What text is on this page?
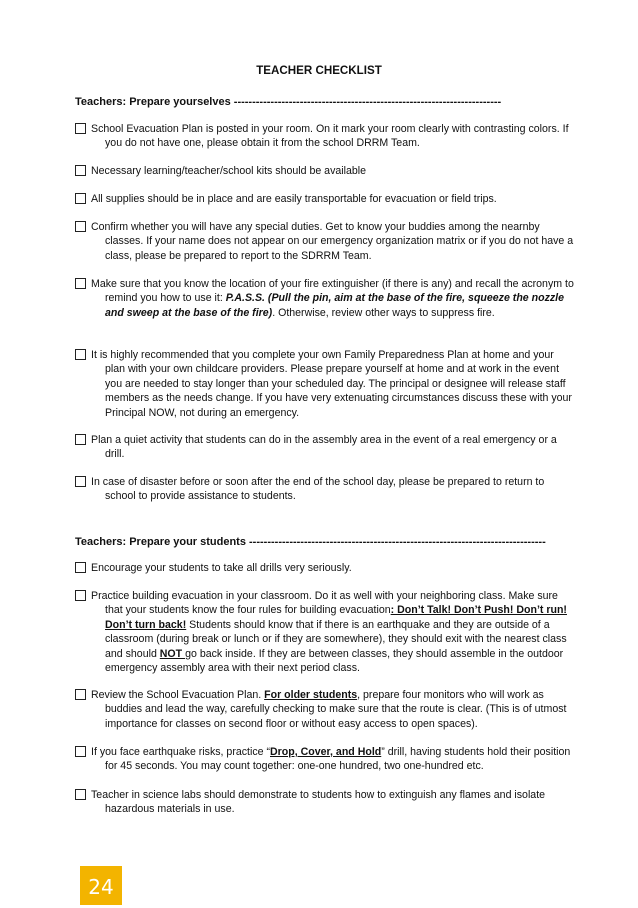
TEACHER CHECKLIST
Teachers: Prepare yourselves -------------------------------------------------------------------------
School Evacuation Plan is posted in your room. On it mark your room clearly with contrasting colors. If you do not have one, please obtain it from the school DRRM Team.
Necessary learning/teacher/school kits should be available
All supplies should be in place and are easily transportable for evacuation or field trips.
Confirm whether you will have any special duties. Get to know your buddies among the nearnby classes. If your name does not appear on our emergency organization matrix or if you do not have a class, please be prepared to report to the SDRRM Team.
Make sure that you know the location of your fire extinguisher (if there is any) and recall the acronym to remind you how to use it: P.A.S.S. (Pull the pin, aim at the base of the fire, squeeze the nozzle and sweep at the base of the fire). Otherwise, review other ways to suppress fire.
It is highly recommended that you complete your own Family Preparedness Plan at home and your plan with your own childcare providers. Please prepare yourself at home and at work in the event you are needed to stay longer than your scheduled day. The principal or designee will release staff members as the needs change. If you have very extenuating circumstances discuss these with your Principal NOW, not during an emergency.
Plan a quiet activity that students can do in the assembly area in the event of a real emergency or a drill.
In case of disaster before or soon after the end of the school day, please be prepared to return to school to provide assistance to students.
Teachers: Prepare your students ---------------------------------------------------------------------------------
Encourage your students to take all drills very seriously.
Practice building evacuation in your classroom. Do it as well with your neighboring class. Make sure that your students know the four rules for building evacuation: Don’t Talk! Don’t Push! Don’t run! Don’t turn back! Students should know that if there is an earthquake and they are outside of a classroom (during break or lunch or if they are somewhere), they should exit with the nearest class and should NOT go back inside. If they are between classes, they should assemble in the outdoor emergency assembly area with their next period class.
Review the School Evacuation Plan. For older students, prepare four monitors who will work as buddies and lead the way, carefully checking to make sure that the route is clear. (This is of utmost importance for classes on second floor or without easy access to open spaces).
If you face earthquake risks, practice “Drop, Cover, and Hold” drill, having students hold their position for 45 seconds. You may count together: one-one hundred, two one-hundred etc.
Teacher in science labs should demonstrate to students how to extinguish any flames and isolate hazardous materials in use.
24
